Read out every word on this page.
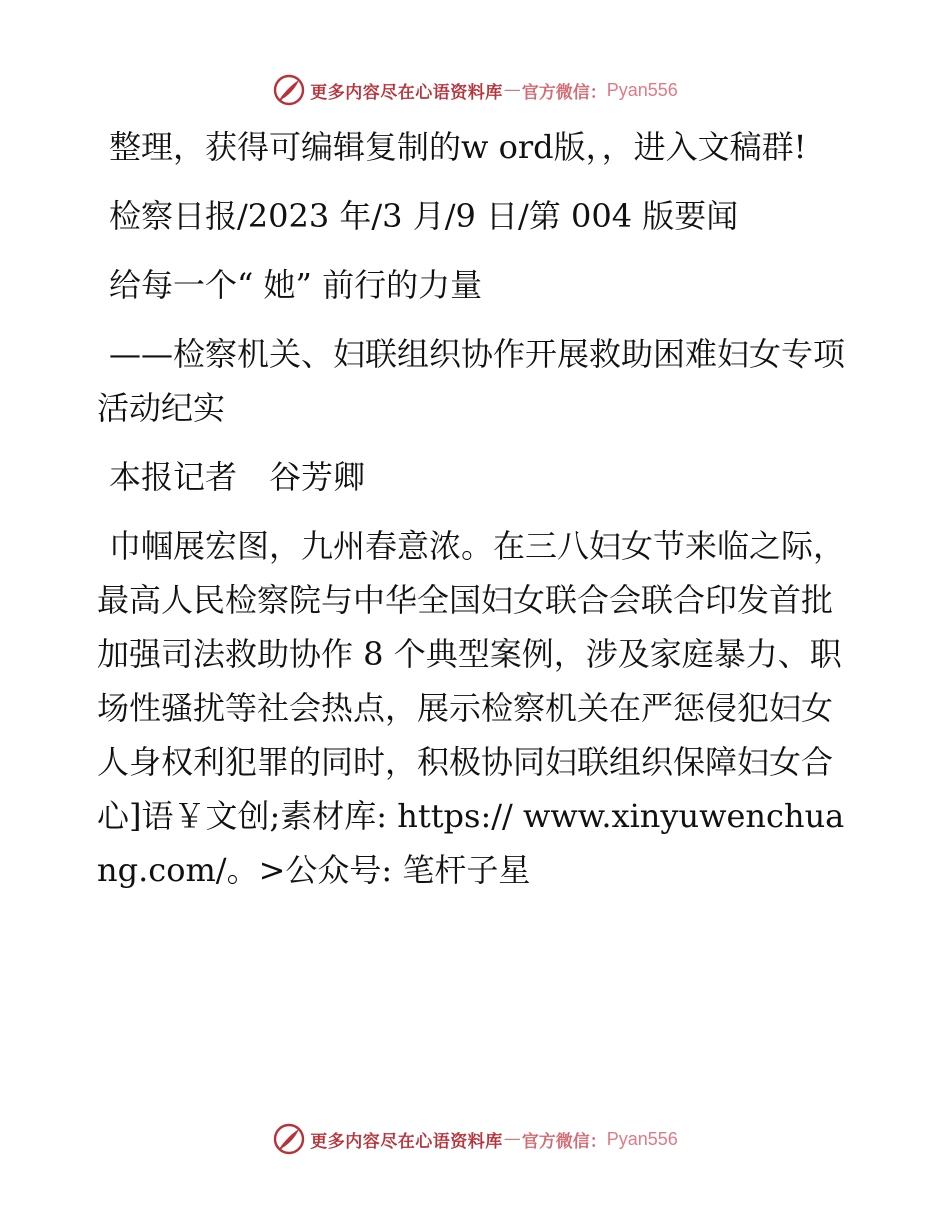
更多内容尽在心语资料库 — 官方微信： Pyan556

整理，获得可编辑复制的w ord版，，进入文稿群!

检察日报/2023 年/3 月/9 日/第 004 版要闻

给每一个“ 她” 前行的力量

——检察机关、妇联组织协作开展救助困难妇女专项活动纪实

本报记者　谷芳卿

巾帼展宏图，九州春意浓。在三八妇女节来临之际，最高人民检察院与中华全国妇女联合会联合印发首批加强司法救助协作 8 个典型案例，涉及家庭暴力、职场性骚扰等社会热点，展示检察机关在严惩侵犯妇女人身权利犯罪的同时，积极协同妇联组织保障妇女合心]语￥文创;素材库: https:// www.xinyuwenchuang.com/。>公众号: 笔杆子星

更多内容尽在心语资料库 — 官方微信： Pyan556
